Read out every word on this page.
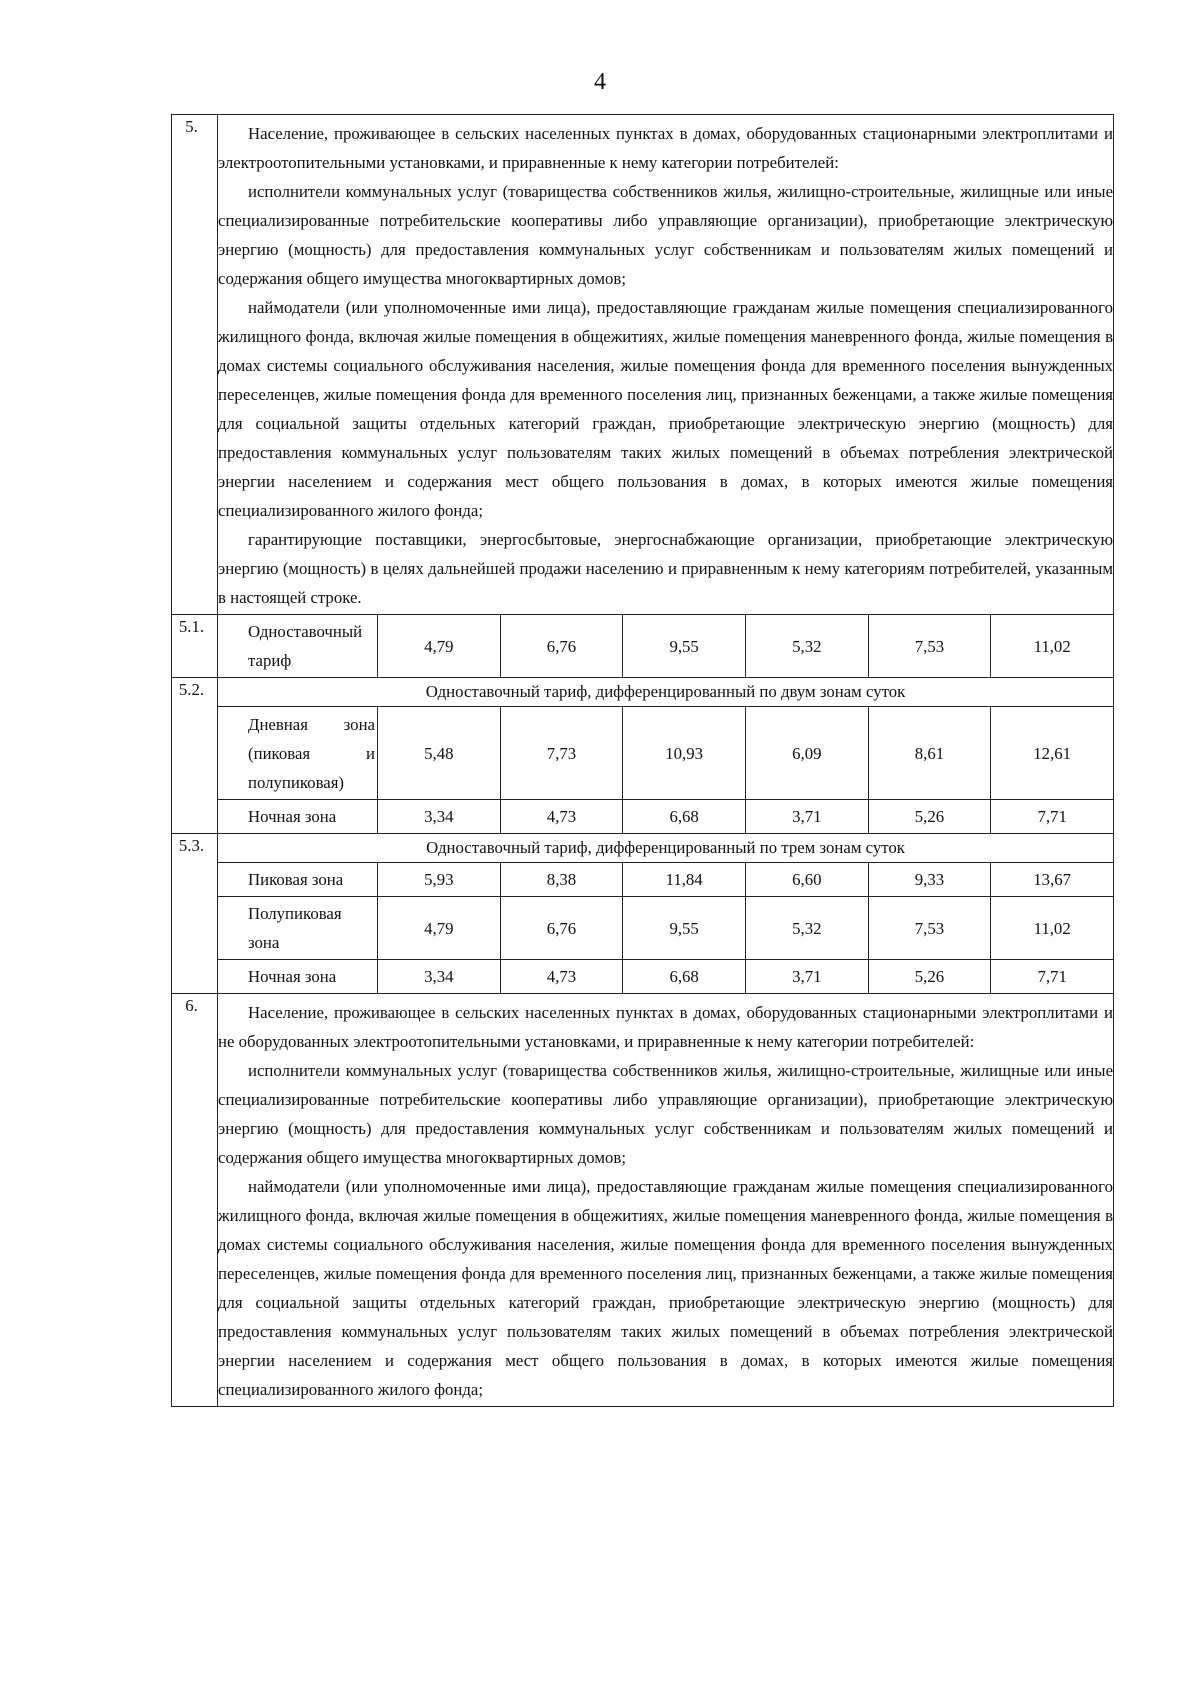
4
5.	Население, проживающее в сельских населенных пунктах в домах, оборудованных стационарными электроплитами и электроотопительными установками, и приравненные к нему категории потребителей:

исполнители коммунальных услуг (товарищества собственников жилья, жилищно-строительные, жилищные или иные специализированные потребительские кооперативы либо управляющие организации), приобретающие электрическую энергию (мощность) для предоставления коммунальных услуг собственникам и пользователям жилых помещений и содержания общего имущества многоквартирных домов;

наймодатели (или уполномоченные ими лица), предоставляющие гражданам жилые помещения специализированного жилищного фонда, включая жилые помещения в общежитиях, жилые помещения маневренного фонда, жилые помещения в домах системы социального обслуживания населения, жилые помещения фонда для временного поселения вынужденных переселенцев, жилые помещения фонда для временного поселения лиц, признанных беженцами, а также жилые помещения для социальной защиты отдельных категорий граждан, приобретающие электрическую энергию (мощность) для предоставления коммунальных услуг пользователям таких жилых помещений в объемах потребления электрической энергии населением и содержания мест общего пользования в домах, в которых имеются жилые помещения специализированного жилого фонда;

гарантирующие поставщики, энергосбытовые, энергоснабжающие организации, приобретающие электрическую энергию (мощность) в целях дальнейшей продажи населению и приравненным к нему категориям потребителей, указанным в настоящей строке.						

5.1.	Одноставочный тариф	4,79	6,76	9,55	5,32	7,53	11,02
5.2.	Одноставочный тариф, дифференцированный по двум зонам суток						
	Дневная зона (пиковая и полупиковая)	5,48	7,73	10,93	6,09	8,61	12,61
	Ночная зона	3,34	4,73	6,68	3,71	5,26	7,71
5.3.	Одноставочный тариф, дифференцированный по трем зонам суток						
	Пиковая зона	5,93	8,38	11,84	6,60	9,33	13,67
	Полупиковая зона	4,79	6,76	9,55	5,32	7,53	11,02
	Ночная зона	3,34	4,73	6,68	3,71	5,26	7,71
6.	Население, проживающее в сельских населенных пунктах в домах, оборудованных стационарными электроплитами и не оборудованных электроотопительными установками, и приравненные к нему категории потребителей:

исполнители коммунальных услуг (товарищества собственников жилья, жилищно-строительные, жилищные или иные специализированные потребительские кооперативы либо управляющие организации), приобретающие электрическую энергию (мощность) для предоставления коммунальных услуг собственникам и пользователям жилых помещений и содержания общего имущества многоквартирных домов;

наймодатели (или уполномоченные ими лица), предоставляющие гражданам жилые помещения специализированного жилищного фонда, включая жилые помещения в общежитиях, жилые помещения маневренного фонда, жилые помещения в домах системы социального обслуживания населения, жилые помещения фонда для временного поселения вынужденных переселенцев, жилые помещения фонда для временного поселения лиц, признанных беженцами, а также жилые помещения для социальной защиты отдельных категорий граждан, приобретающие электрическую энергию (мощность) для предоставления коммунальных услуг пользователям таких жилых помещений в объемах потребления электрической энергии населением и содержания мест общего пользования в домах, в которых имеются жилые помещения специализированного жилого фонда;						
